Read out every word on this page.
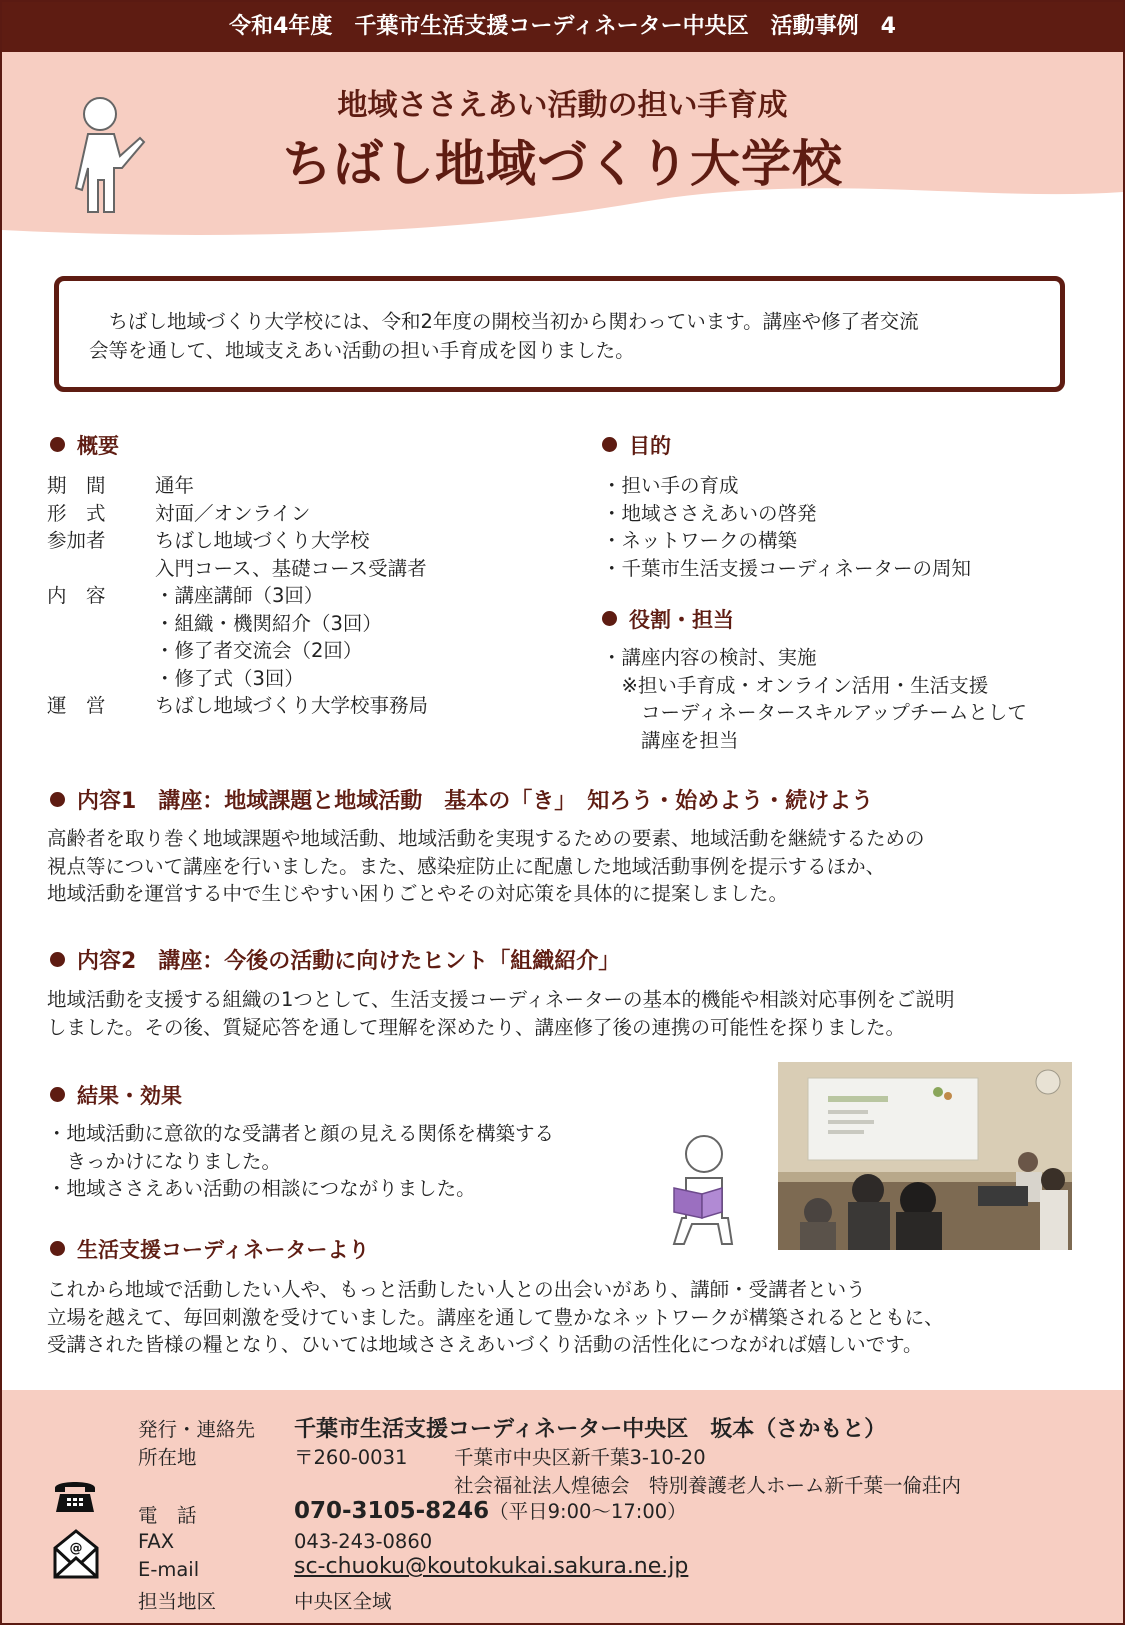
令和4年度　千葉市生活支援コーディネーター中央区　活動事例　4
地域ささえあい活動の担い手育成
ちばし地域づくり大学校

　ちばし地域づくり大学校には、令和2年度の開校当初から関わっています。講座や修了者交流

会等を通して、地域支えあい活動の担い手育成を図りました。

概要
期　間	通年
形　式	対面／オンライン
参加者	ちばし地域づくり大学校
入門コース、基礎コース受講者
内　容	・講座講師（3回）
・組織・機関紹介（3回）
・修了者交流会（2回）
・修了式（3回）
運　営	ちばし地域づくり大学校事務局
目的
・担い手の育成
・地域ささえあいの啓発
・ネットワークの構築
・千葉市生活支援コーディネーターの周知
役割・担当
・講座内容の検討、実施
　※担い手育成・オンライン活用・生活支援
　　コーディネータースキルアップチームとして
　　講座を担当
内容1　講座：地域課題と地域活動　基本の「き」　知ろう・始めよう・続けよう

高齢者を取り巻く地域課題や地域活動、地域活動を実現するための要素、地域活動を継続するための

視点等について講座を行いました。また、感染症防止に配慮した地域活動事例を提示するほか、

地域活動を運営する中で生じやすい困りごとやその対応策を具体的に提案しました。

内容2　講座：今後の活動に向けたヒント「組織紹介」

地域活動を支援する組織の1つとして、生活支援コーディネーターの基本的機能や相談対応事例をご説明

しました。その後、質疑応答を通して理解を深めたり、講座修了後の連携の可能性を探りました。

結果・効果

・地域活動に意欲的な受講者と顔の見える関係を構築する

　きっかけになりました。

・地域ささえあい活動の相談につながりました。

生活支援コーディネーターより

これから地域で活動したい人や、もっと活動したい人との出会いがあり、講師・受講者という

立場を越えて、毎回刺激を受けていました。講座を通して豊かなネットワークが構築されるとともに、

受講された皆様の糧となり、ひいては地域ささえあいづくり活動の活性化につながれば嬉しいです。

発行・連絡先 千葉市生活支援コーディネーター中央区　坂本（さかもと）
所在地	〒260-0031 千葉市中央区新千葉3-10-20
社会福祉法人煌徳会　特別養護老人ホーム新千葉一倫荘内
電　話	070-3105-8246（平日9:00～17:00）
FAX	043-243-0860
E-mail	sc-chuoku@koutokukai.sakura.ne.jp
担当地区	中央区全域
@
